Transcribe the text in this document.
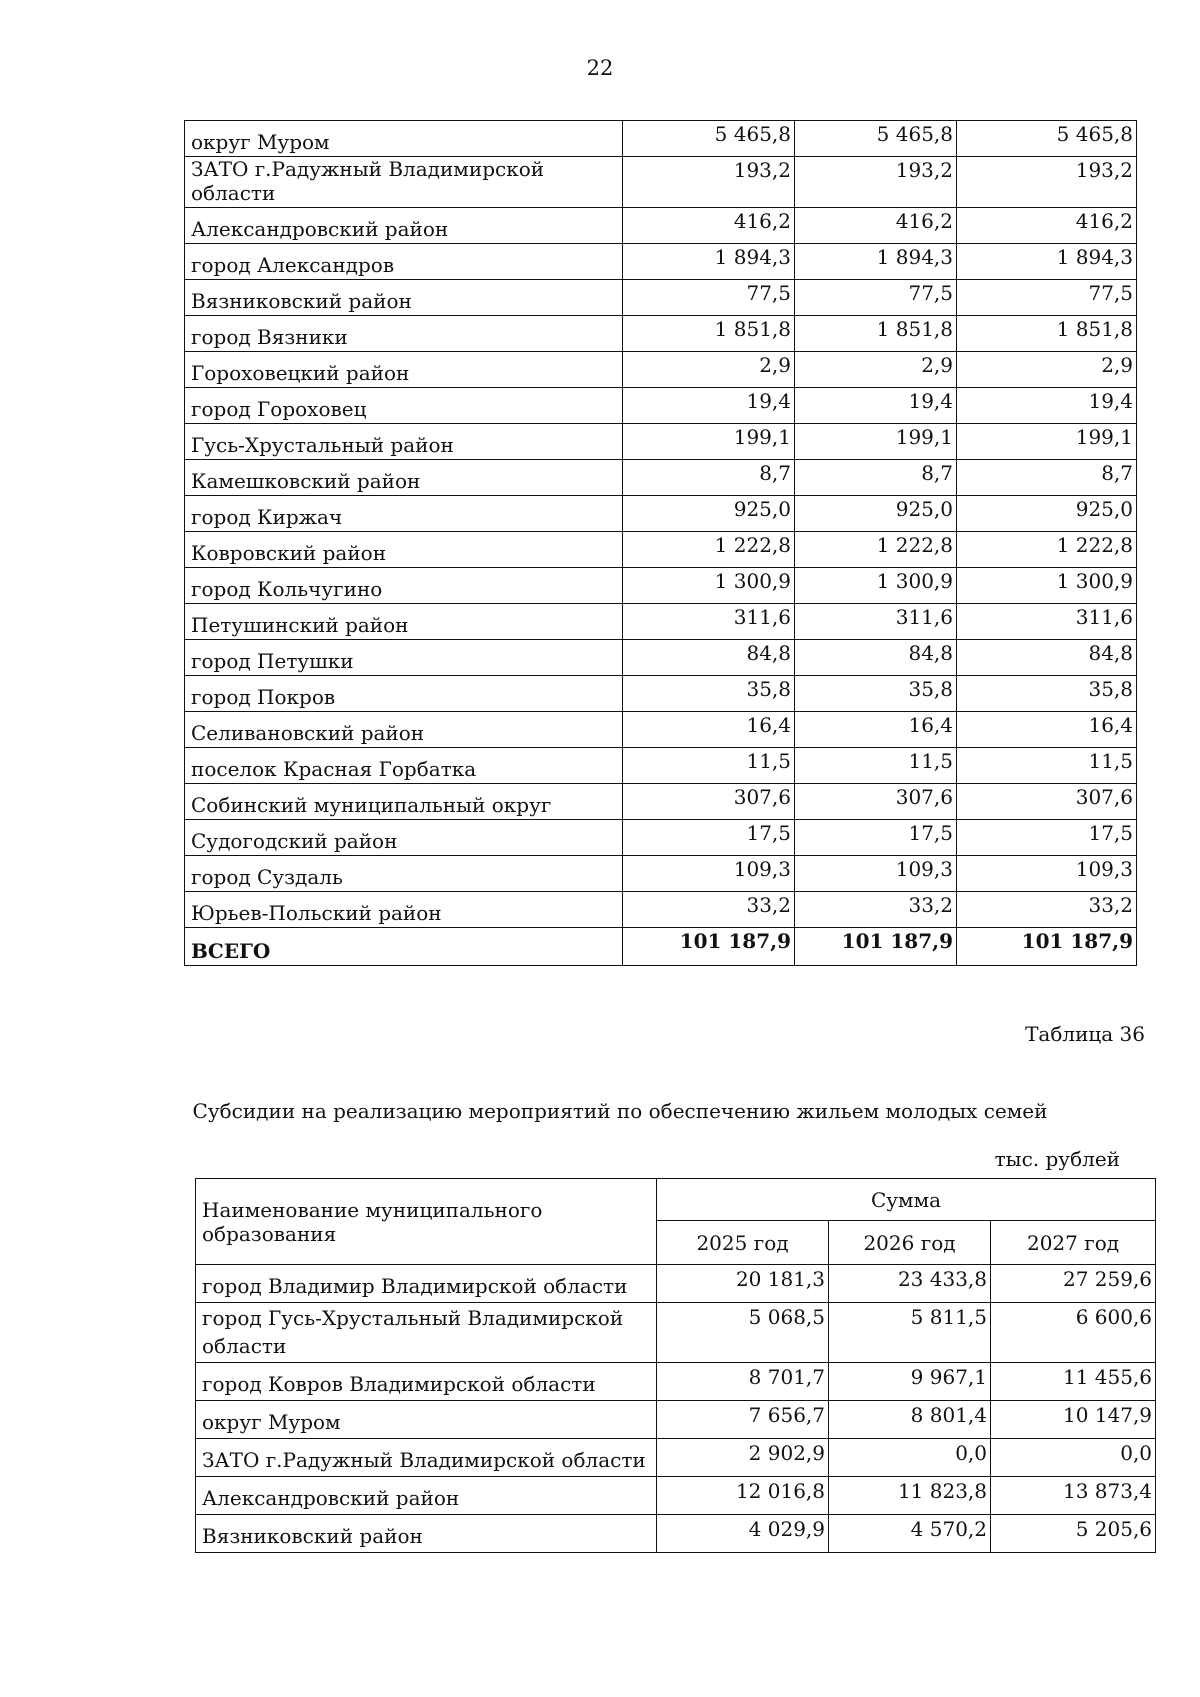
22
округ Муром	5 465,8	5 465,8	5 465,8
ЗАТО г.Радужный Владимирской области	193,2	193,2	193,2
Александровский район	416,2	416,2	416,2
город Александров	1 894,3	1 894,3	1 894,3
Вязниковский район	77,5	77,5	77,5
город Вязники	1 851,8	1 851,8	1 851,8
Гороховецкий район	2,9	2,9	2,9
город Гороховец	19,4	19,4	19,4
Гусь-Хрустальный район	199,1	199,1	199,1
Камешковский район	8,7	8,7	8,7
город Киржач	925,0	925,0	925,0
Ковровский район	1 222,8	1 222,8	1 222,8
город Кольчугино	1 300,9	1 300,9	1 300,9
Петушинский район	311,6	311,6	311,6
город Петушки	84,8	84,8	84,8
город Покров	35,8	35,8	35,8
Селивановский район	16,4	16,4	16,4
поселок Красная Горбатка	11,5	11,5	11,5
Собинский муниципальный округ	307,6	307,6	307,6
Судогодский район	17,5	17,5	17,5
город Суздаль	109,3	109,3	109,3
Юрьев-Польский район	33,2	33,2	33,2
ВСЕГО	101 187,9	101 187,9	101 187,9
Таблица 36
Субсидии на реализацию мероприятий по обеспечению жильем молодых семей
тыс. рублей
Наименование муниципального образования	Сумма		
	2025 год	2026 год	2027 год
город Владимир Владимирской области	20 181,3	23 433,8	27 259,6
город Гусь-Хрустальный Владимирской области	5 068,5	5 811,5	6 600,6
город Ковров Владимирской области	8 701,7	9 967,1	11 455,6
округ Муром	7 656,7	8 801,4	10 147,9
ЗАТО г.Радужный Владимирской области	2 902,9	0,0	0,0
Александровский район	12 016,8	11 823,8	13 873,4
Вязниковский район	4 029,9	4 570,2	5 205,6
